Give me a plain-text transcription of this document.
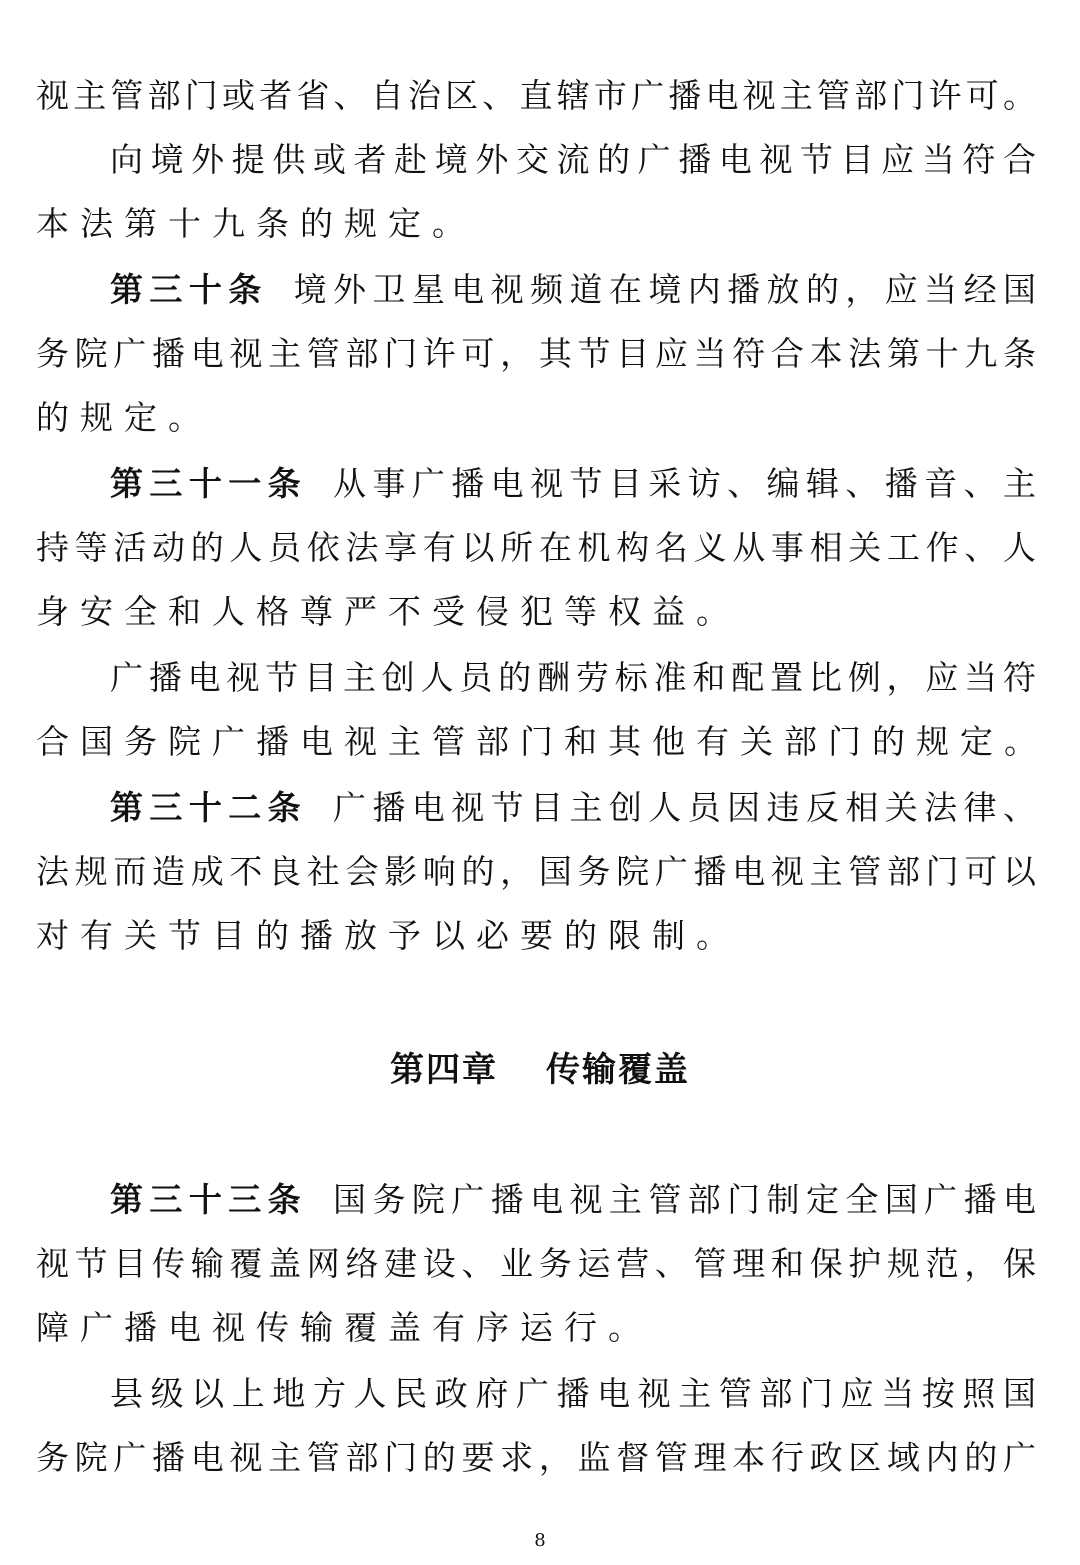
视主管部门或者省、自治区、直辖市广播电视主管部门许可。
向境外提供或者赴境外交流的广播电视节目应当符合
本法第十九条的规定。
第三十条 境外卫星电视频道在境内播放的，应当经国
务院广播电视主管部门许可，其节目应当符合本法第十九条
的规定。
第三十一条 从事广播电视节目采访、编辑、播音、主
持等活动的人员依法享有以所在机构名义从事相关工作、人
身安全和人格尊严不受侵犯等权益。
广播电视节目主创人员的酬劳标准和配置比例，应当符
合国务院广播电视主管部门和其他有关部门的规定。
第三十二条 广播电视节目主创人员因违反相关法律、
法规而造成不良社会影响的，国务院广播电视主管部门可以
对有关节目的播放予以必要的限制。
第四章 传输覆盖
第三十三条 国务院广播电视主管部门制定全国广播电
视节目传输覆盖网络建设、业务运营、管理和保护规范，保
障广播电视传输覆盖有序运行。
县级以上地方人民政府广播电视主管部门应当按照国
务院广播电视主管部门的要求，监督管理本行政区域内的广
8
